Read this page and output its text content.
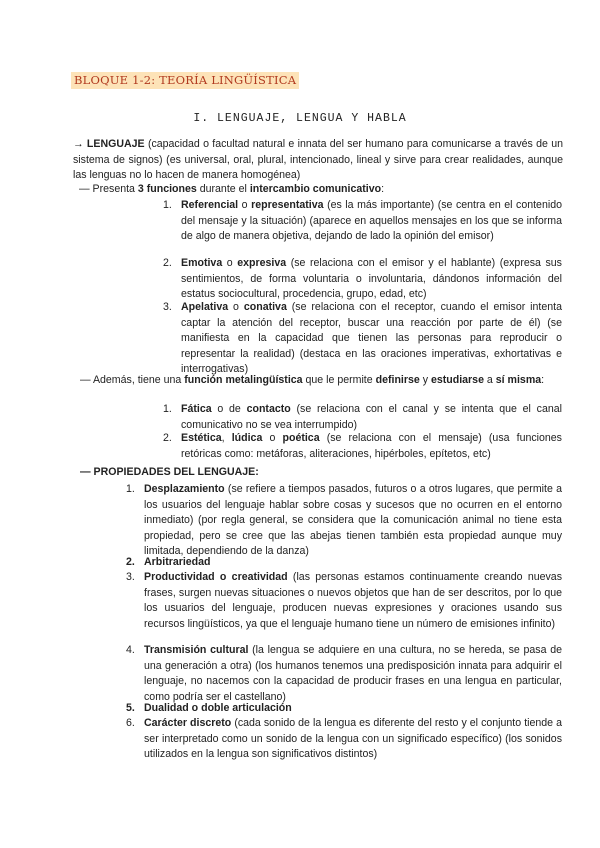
BLOQUE 1-2: TEORÍA LINGÜÍSTICA
I. LENGUAJE, LENGUA Y HABLA
→ LENGUAJE (capacidad o facultad natural e innata del ser humano para comunicarse a través de un sistema de signos) (es universal, oral, plural, intencionado, lineal y sirve para crear realidades, aunque las lenguas no lo hacen de manera homogénea)
— Presenta 3 funciones durante el intercambio comunicativo:
1. Referencial o representativa (es la más importante) (se centra en el contenido del mensaje y la situación) (aparece en aquellos mensajes en los que se informa de algo de manera objetiva, dejando de lado la opinión del emisor)
2. Emotiva o expresiva (se relaciona con el emisor y el hablante) (expresa sus sentimientos, de forma voluntaria o involuntaria, dándonos información del estatus sociocultural, procedencia, grupo, edad, etc)
3. Apelativa o conativa (se relaciona con el receptor, cuando el emisor intenta captar la atención del receptor, buscar una reacción por parte de él) (se manifiesta en la capacidad que tienen las personas para reproducir o representar la realidad) (destaca en las oraciones imperativas, exhortativas e interrogativas)
— Además, tiene una función metalingüística que le permite definirse y estudiarse a sí misma:
1. Fática o de contacto (se relaciona con el canal y se intenta que el canal comunicativo no se vea interrumpido)
2. Estética, lúdica o poética (se relaciona con el mensaje) (usa funciones retóricas como: metáforas, aliteraciones, hipérboles, epítetos, etc)
— PROPIEDADES DEL LENGUAJE:
1. Desplazamiento (se refiere a tiempos pasados, futuros o a otros lugares, que permite a los usuarios del lenguaje hablar sobre cosas y sucesos que no ocurren en el entorno inmediato) (por regla general, se considera que la comunicación animal no tiene esta propiedad, pero se cree que las abejas tienen también esta propiedad aunque muy limitada, dependiendo de la danza)
2. Arbitrariedad
3. Productividad o creatividad (las personas estamos continuamente creando nuevas frases, surgen nuevas situaciones o nuevos objetos que han de ser descritos, por lo que los usuarios del lenguaje, producen nuevas expresiones y oraciones usando sus recursos lingüísticos, ya que el lenguaje humano tiene un número de emisiones infinito)
4. Transmisión cultural (la lengua se adquiere en una cultura, no se hereda, se pasa de una generación a otra) (los humanos tenemos una predisposición innata para adquirir el lenguaje, no nacemos con la capacidad de producir frases en una lengua en particular, como podría ser el castellano)
5. Dualidad o doble articulación
6. Carácter discreto (cada sonido de la lengua es diferente del resto y el conjunto tiende a ser interpretado como un sonido de la lengua con un significado específico) (los sonidos utilizados en la lengua son significativos distintos)
